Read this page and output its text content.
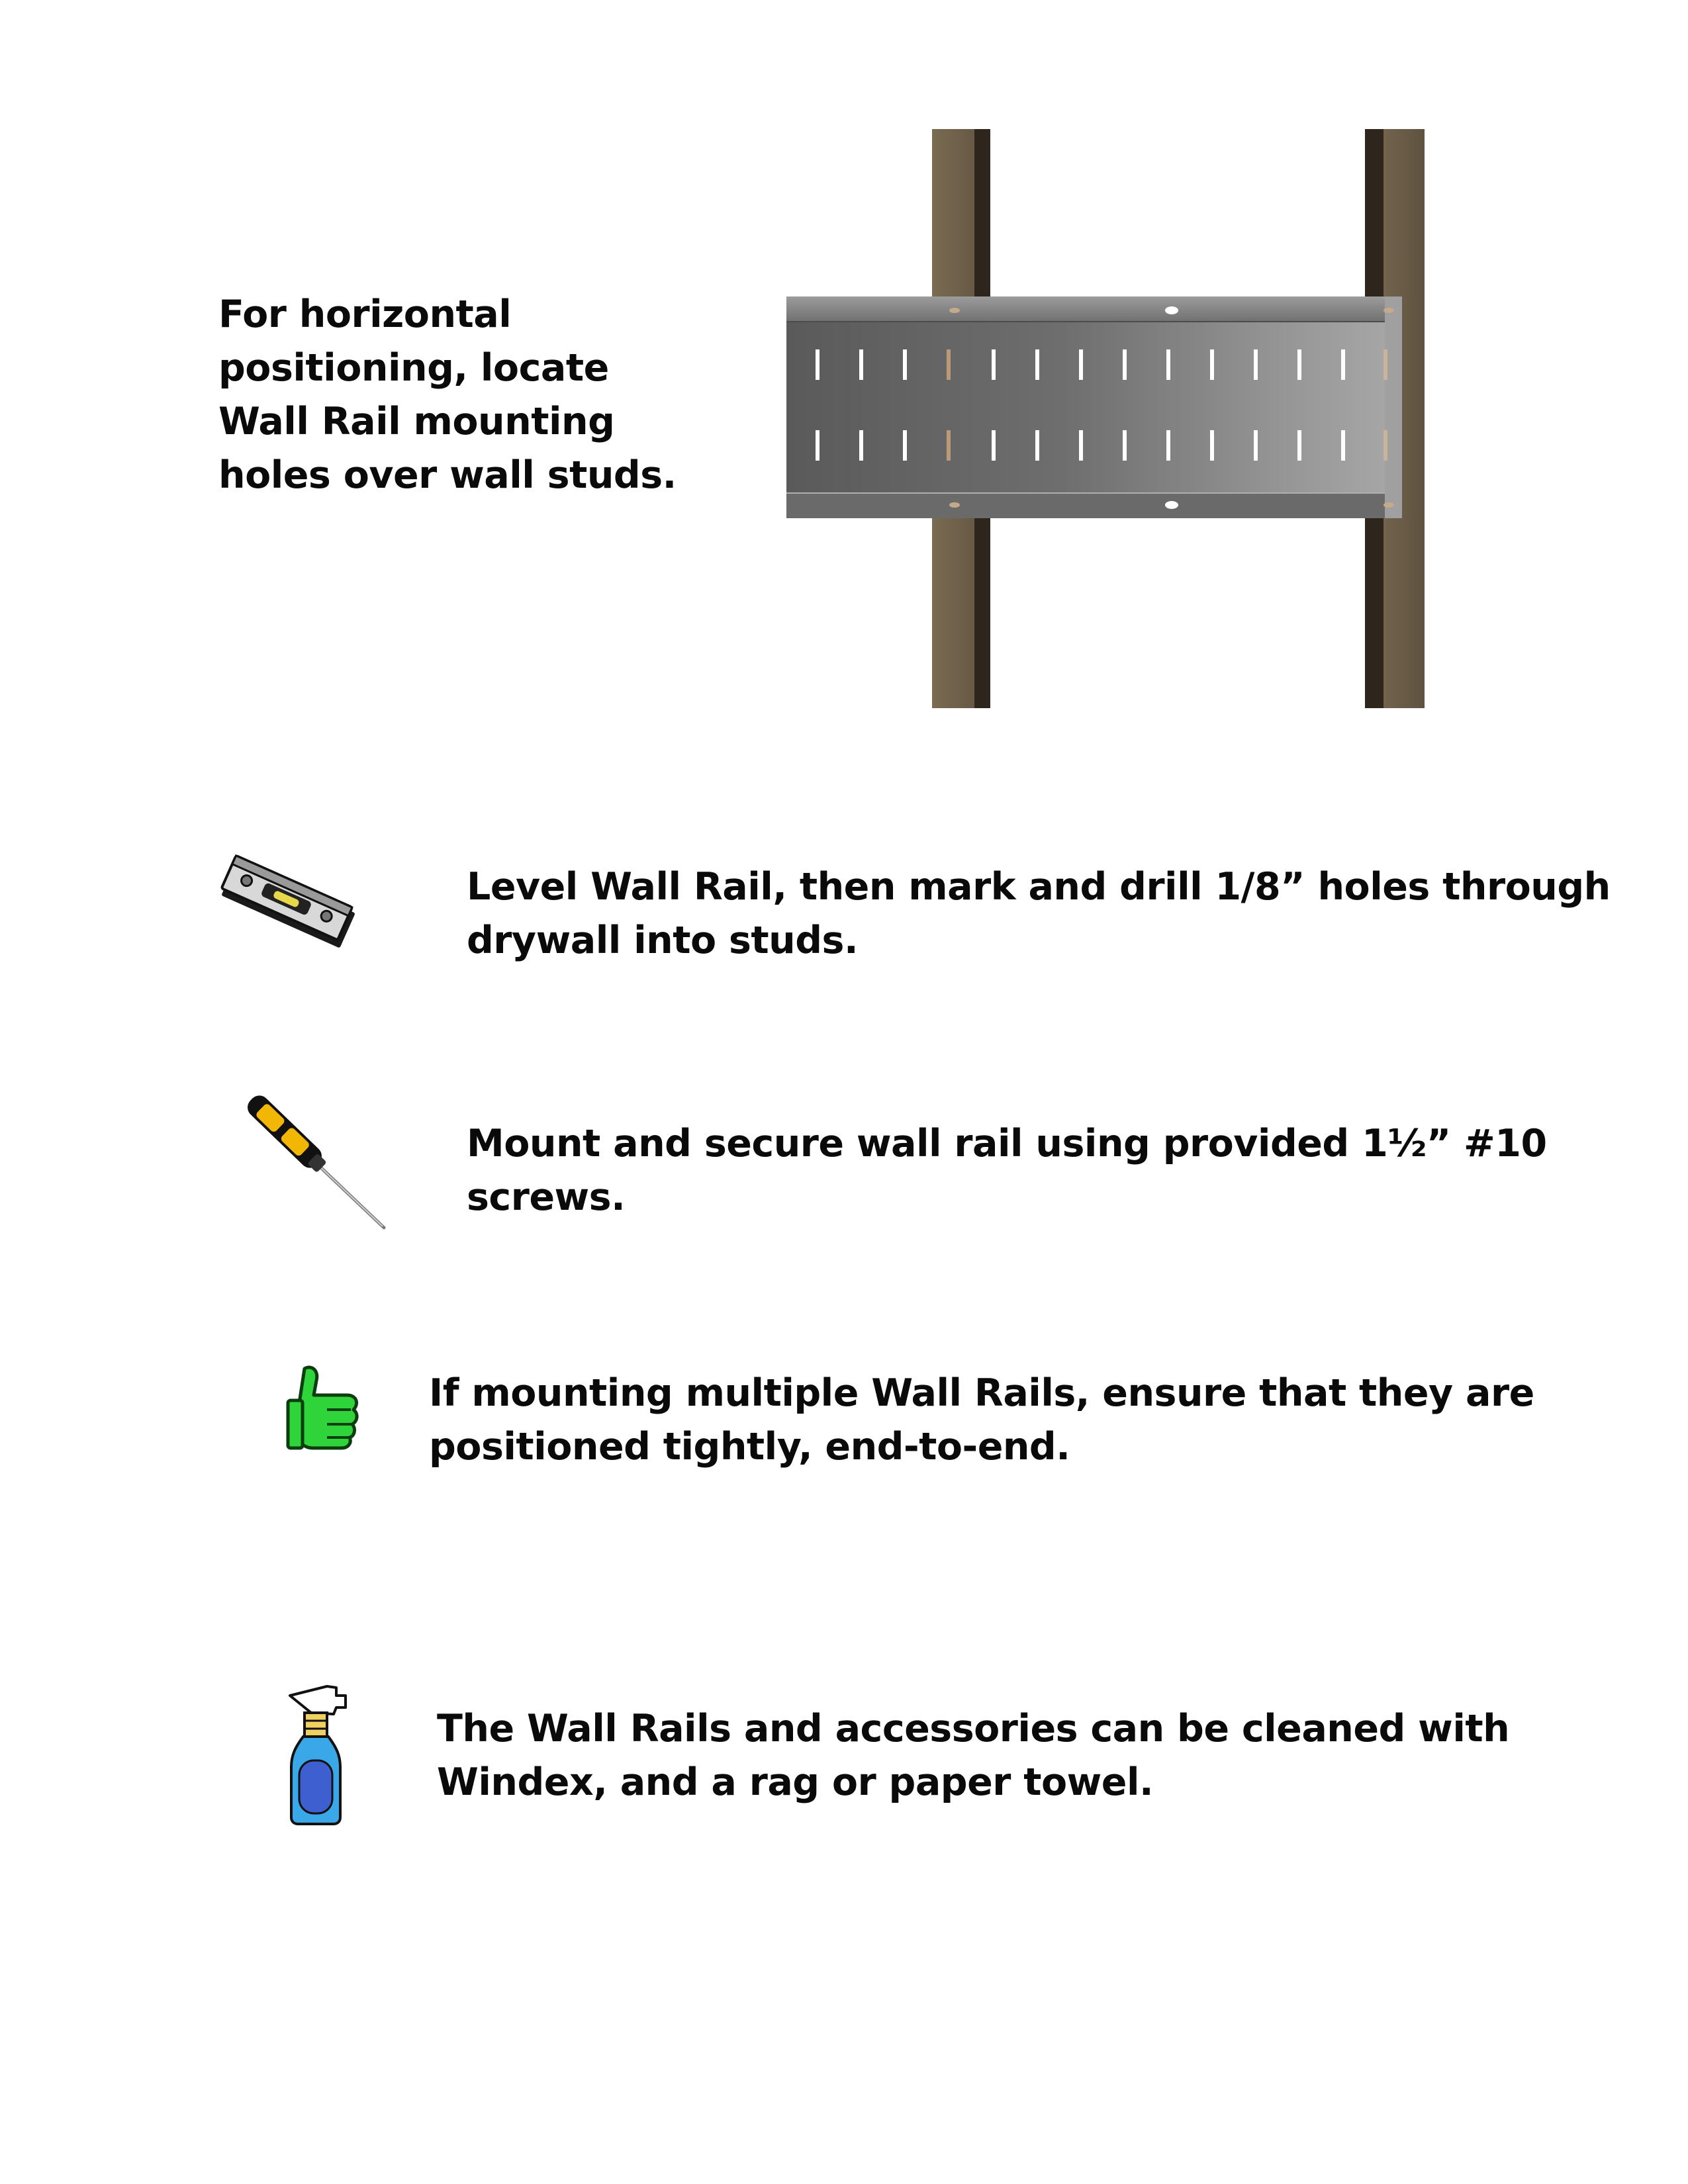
For horizontal
positioning, locate
Wall Rail mounting
holes over wall studs.
Level Wall Rail, then mark and drill 1/8” holes through
drywall into studs.
Mount and secure wall rail using provided 1½” #10
screws.
If mounting multiple Wall Rails, ensure that they are
positioned tightly, end-to-end.
The Wall Rails and accessories can be cleaned with
Windex, and a rag or paper towel.
